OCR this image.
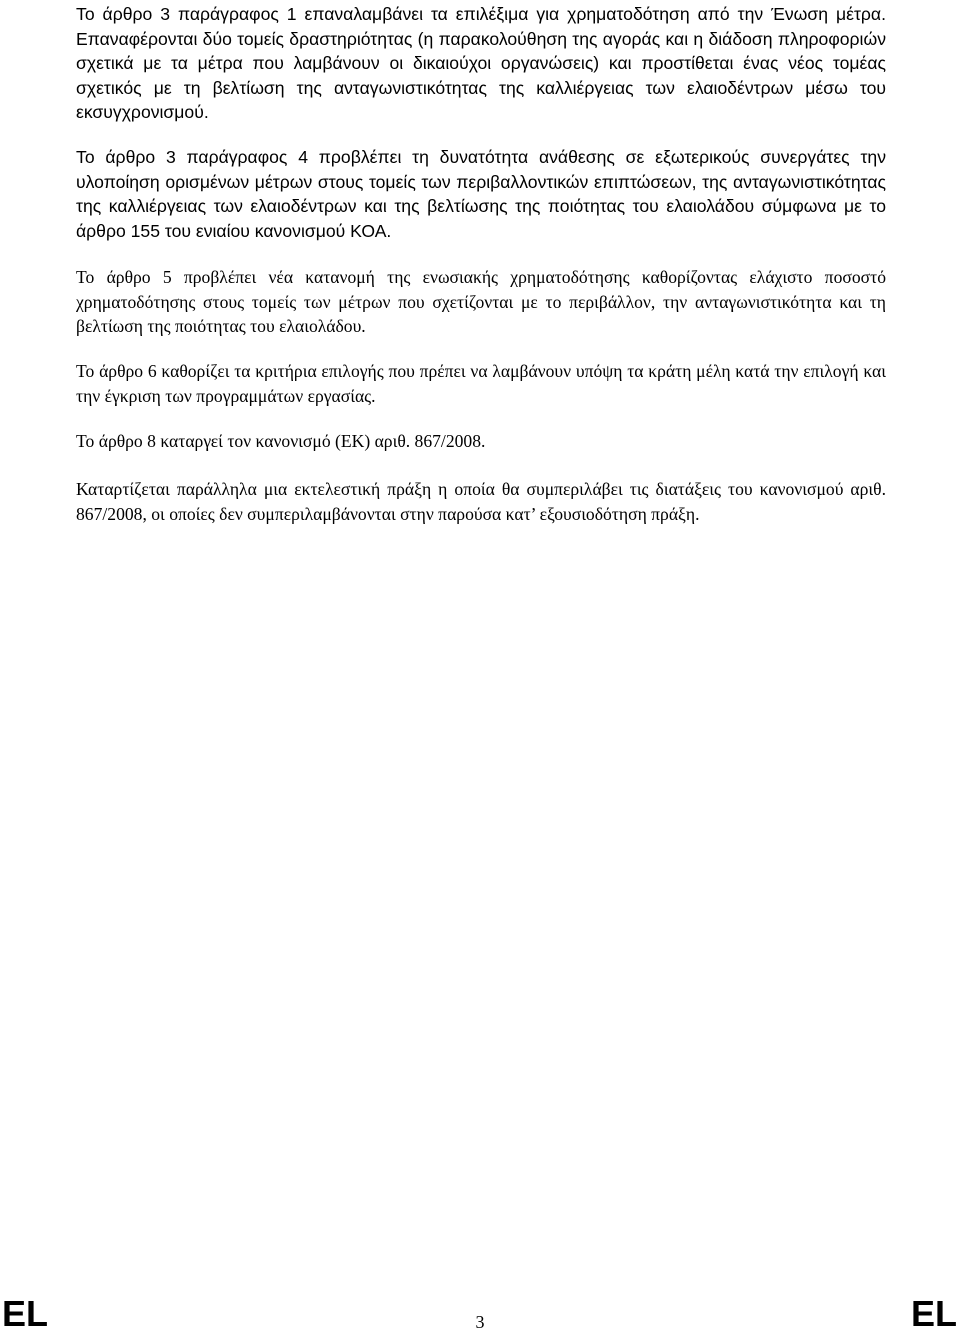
Το άρθρο 3 παράγραφος 1 επαναλαμβάνει τα επιλέξιμα για χρηματοδότηση από την Ένωση μέτρα. Επαναφέρονται δύο τομείς δραστηριότητας (η παρακολούθηση της αγοράς και η διάδοση πληροφοριών σχετικά με τα μέτρα που λαμβάνουν οι δικαιούχοι οργανώσεις) και προστίθεται ένας νέος τομέας σχετικός με τη βελτίωση της ανταγωνιστικότητας της καλλιέργειας των ελαιοδέντρων μέσω του εκσυγχρονισμού.

Το άρθρο 3 παράγραφος 4 προβλέπει τη δυνατότητα ανάθεσης σε εξωτερικούς συνεργάτες την υλοποίηση ορισμένων μέτρων στους τομείς των περιβαλλοντικών επιπτώσεων, της ανταγωνιστικότητας της καλλιέργειας των ελαιοδέντρων και της βελτίωσης της ποιότητας του ελαιολάδου σύμφωνα με το άρθρο 155 του ενιαίου κανονισμού ΚΟΑ.

Το άρθρο 5 προβλέπει νέα κατανομή της ενωσιακής χρηματοδότησης καθορίζοντας ελάχιστο ποσοστό χρηματοδότησης στους τομείς των μέτρων που σχετίζονται με το περιβάλλον, την ανταγωνιστικότητα και τη βελτίωση της ποιότητας του ελαιολάδου.

Το άρθρο 6 καθορίζει τα κριτήρια επιλογής που πρέπει να λαμβάνουν υπόψη τα κράτη μέλη κατά την επιλογή και την έγκριση των προγραμμάτων εργασίας.

Το άρθρο 8 καταργεί τον κανονισμό (ΕΚ) αριθ. 867/2008.

Καταρτίζεται παράλληλα μια εκτελεστική πράξη η οποία θα συμπεριλάβει τις διατάξεις του κανονισμού αριθ. 867/2008, οι οποίες δεν συμπεριλαμβάνονται στην παρούσα κατ’ εξουσιοδότηση πράξη.

EL	3	EL
